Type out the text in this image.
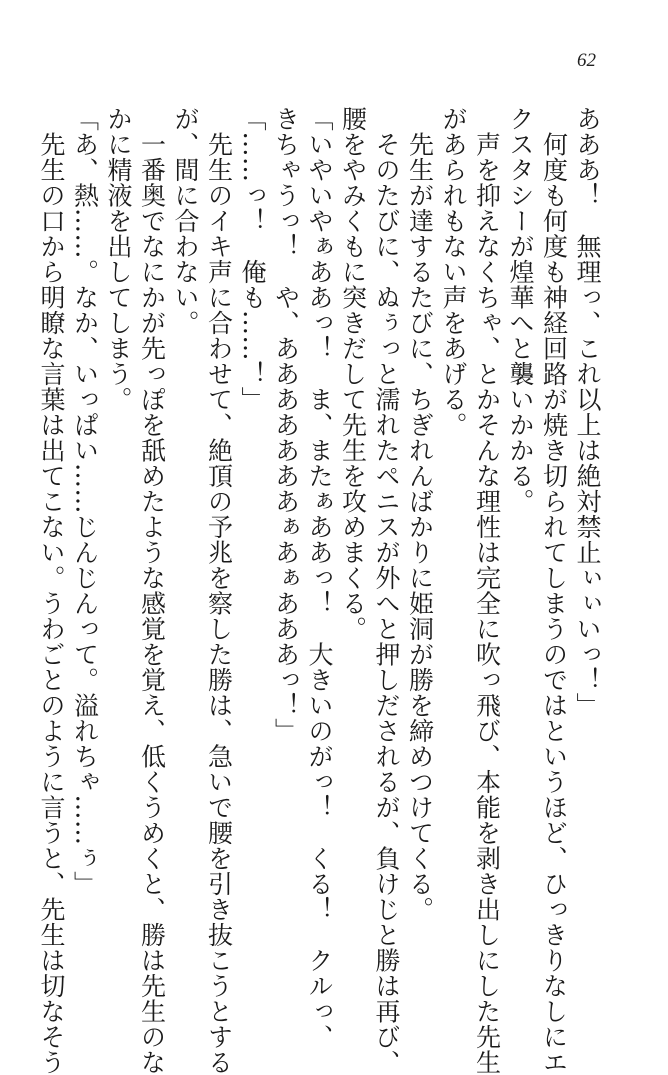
62
あああ！　無理っ、これ以上は絶対禁止ぃぃいっ！」
　何度も何度も神経回路が焼き切られてしまうのではというほど、ひっきりなしにエ
クスタシーが煌華へと襲いかかる。
　声を抑えなくちゃ、とかそんな理性は完全に吹っ飛び、本能を剥き出しにした先生
があられもない声をあげる。
　先生が達するたびに、ちぎれんばかりに姫洞が勝を締めつけてくる。
　そのたびに、ぬぅっと濡れたペニスが外へと押しだされるが、負けじと勝は再び、
腰をやみくもに突きだして先生を攻めまくる。
「いやいやぁああっ！　ま、またぁああっ！　大きいのがっ！　くる！　クルっ、
きちゃうっ！　や、あああああああぁあぁあああっ！」
「……っ！　俺も……！」
　先生のイキ声に合わせて、絶頂の予兆を察した勝は、急いで腰を引き抜こうとする
が、間に合わない。
　一番奥でなにかが先っぽを舐めたような感覚を覚え、低くうめくと、勝は先生のな
かに精液を出してしまう。
「あ、熱……。なか、いっぱい……じんじんって。溢れちゃ……ぅ」
　先生の口から明瞭な言葉は出てこない。うわごとのように言うと、先生は切なそう
